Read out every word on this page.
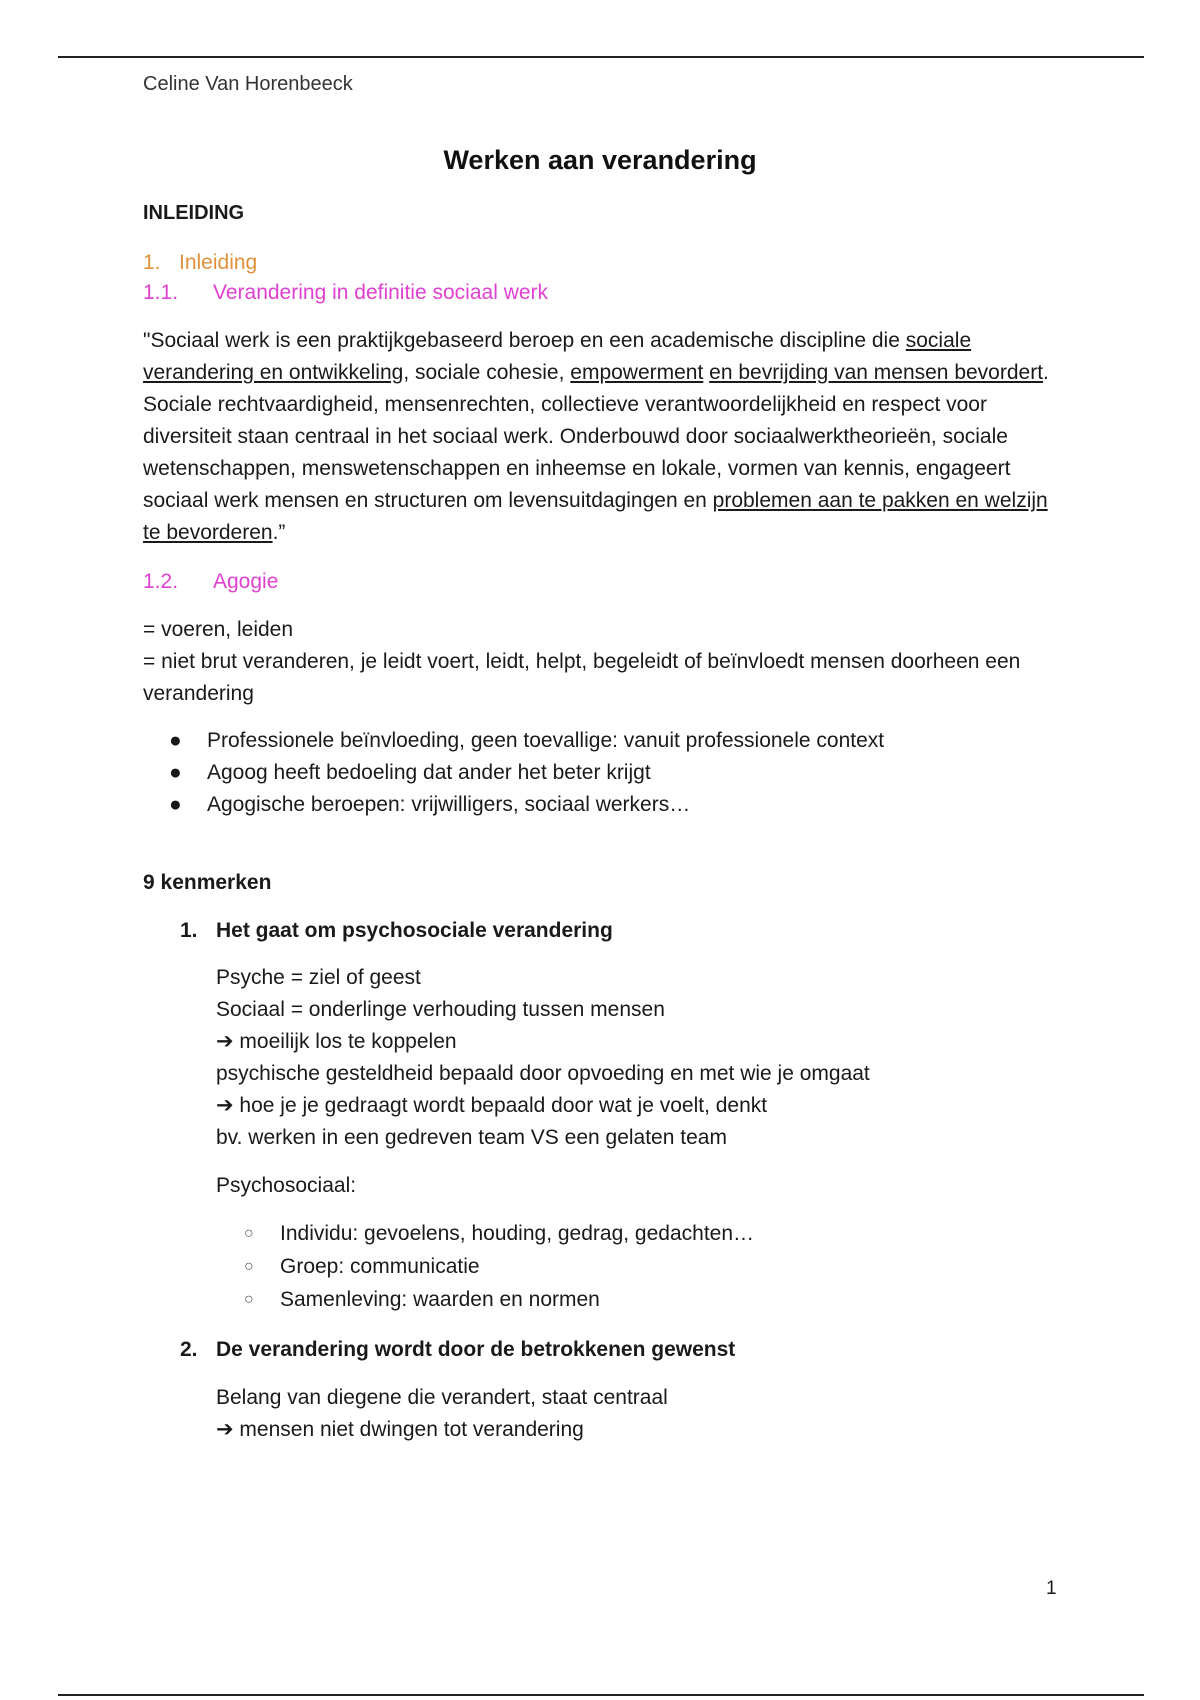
Celine Van Horenbeeck
Werken aan verandering
INLEIDING
1. Inleiding
1.1. Verandering in definitie sociaal werk

"Sociaal werk is een praktijkgebaseerd beroep en een academische discipline die sociale verandering en ontwikkeling, sociale cohesie, empowerment en bevrijding van mensen bevordert. Sociale rechtvaardigheid, mensenrechten, collectieve verantwoordelijkheid en respect voor diversiteit staan centraal in het sociaal werk. Onderbouwd door sociaalwerktheorieën, sociale wetenschappen, menswetenschappen en inheemse en lokale, vormen van kennis, engageert sociaal werk mensen en structuren om levensuitdagingen en problemen aan te pakken en welzijn te bevorderen.”

1.2. Agogie

= voeren, leiden

= niet brut veranderen, je leidt voert, leidt, helpt, begeleidt of beïnvloedt mensen doorheen een verandering

● Professionele beïnvloeding, geen toevallige: vanuit professionele context
● Agoog heeft bedoeling dat ander het beter krijgt
● Agogische beroepen: vrijwilligers, sociaal werkers…
9 kenmerken
1. Het gaat om psychosociale verandering
Psyche = ziel of geest
Sociaal = onderlinge verhouding tussen mensen
➔ moeilijk los te koppelen
psychische gesteldheid bepaald door opvoeding en met wie je omgaat
➔ hoe je je gedraagt wordt bepaald door wat je voelt, denkt
bv. werken in een gedreven team VS een gelaten team
Psychosociaal:
○ Individu: gevoelens, houding, gedrag, gedachten…
○ Groep: communicatie
○ Samenleving: waarden en normen
2. De verandering wordt door de betrokkenen gewenst
Belang van diegene die verandert, staat centraal
➔ mensen niet dwingen tot verandering
1
